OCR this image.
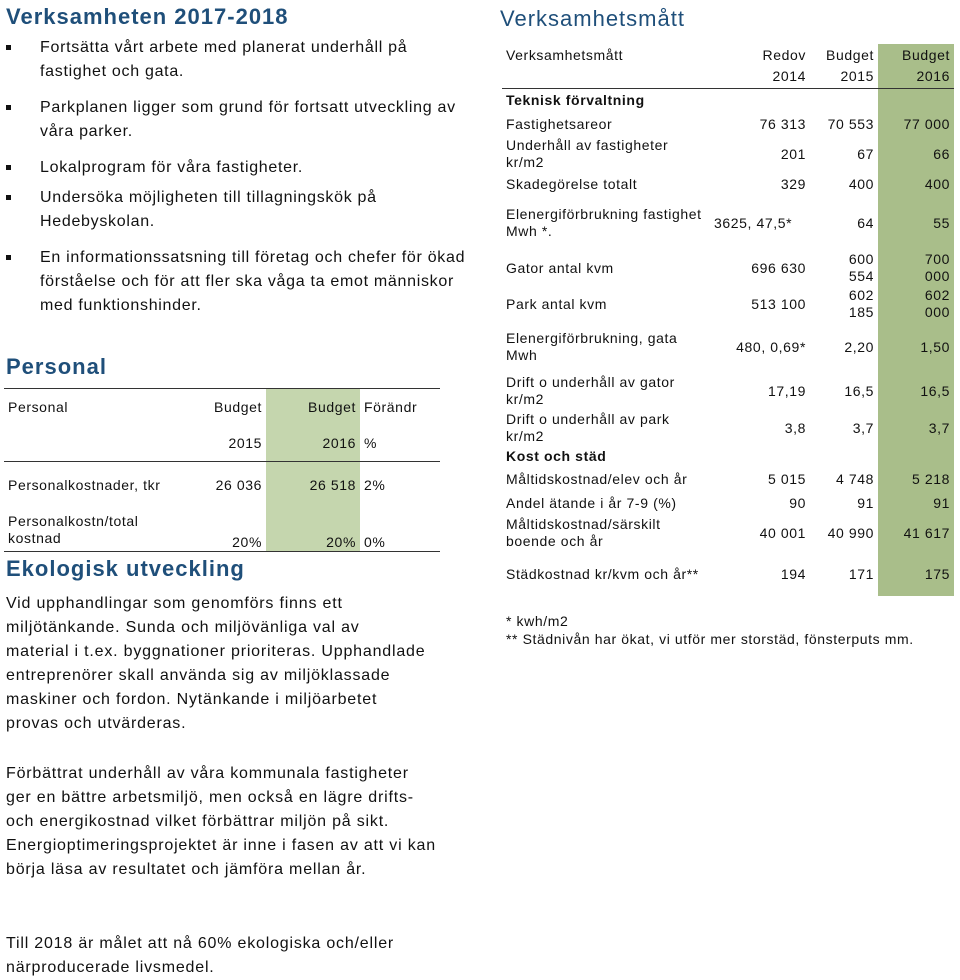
Verksamheten 2017-2018
Fortsätta vårt arbete med planerat underhåll på fastighet och gata.
Parkplanen ligger som grund för fortsatt utveckling av våra parker.
Lokalprogram för våra fastigheter.
Undersöka möjligheten till tillagningskök på Hedebyskolan.
En informationssatsning till företag och chefer för ökad förståelse och för att fler ska våga ta emot människor med funktionshinder.
Personal
Personal	Budget	Budget	Förändr
	2015	2016	%
Personalkostnader, tkr	26 036	26 518	2%
Personalkostn/total kostnad	20%	20%	0%
Ekologisk utveckling

Vid upphandlingar som genomförs finns ett miljötänkande. Sunda och miljövänliga val av material i t.ex. byggnationer prioriteras. Upphandlade entreprenörer skall använda sig av miljöklassade maskiner och fordon. Nytänkande i miljöarbetet provas och utvärderas.

Förbättrat underhåll av våra kommunala fastigheter ger en bättre arbetsmiljö, men också en lägre drifts- och energikostnad vilket förbättrar miljön på sikt. Energioptimeringsprojektet är inne i fasen av att vi kan börja läsa av resultatet och jämföra mellan år.

Till 2018 är målet att nå 60% ekologiska och/eller närproducerade livsmedel.

Verksamhetsmått
Verksamhetsmått	Redov	Budget	Budget
	2014	2015	2016
Teknisk förvaltning			
Fastighetsareor	76 313	70 553	77 000
Underhåll av fastigheter kr/m2	201	67	66
Skadegörelse totalt	329	400	400
Elenergiförbrukning fastighet Mwh *.	3625, 47,5*	64	55
Gator antal kvm	696 630	600 554	700 000
Park antal kvm	513 100	602 185	602 000
Elenergiförbrukning, gata Mwh	480, 0,69*	2,20	1,50
Drift o underhåll av gator kr/m2	17,19	16,5	16,5
Drift o underhåll av park kr/m2	3,8	3,7	3,7
Kost och städ			
Måltidskostnad/elev och år	5 015	4 748	5 218
Andel ätande i år 7-9 (%)	90	91	91
Måltidskostnad/särskilt boende och år	40 001	40 990	41 617
Städkostnad kr/kvm och år**	194	171	175
* kwh/m2
** Städnivån har ökat, vi utför mer storstäd, fönsterputs mm.
